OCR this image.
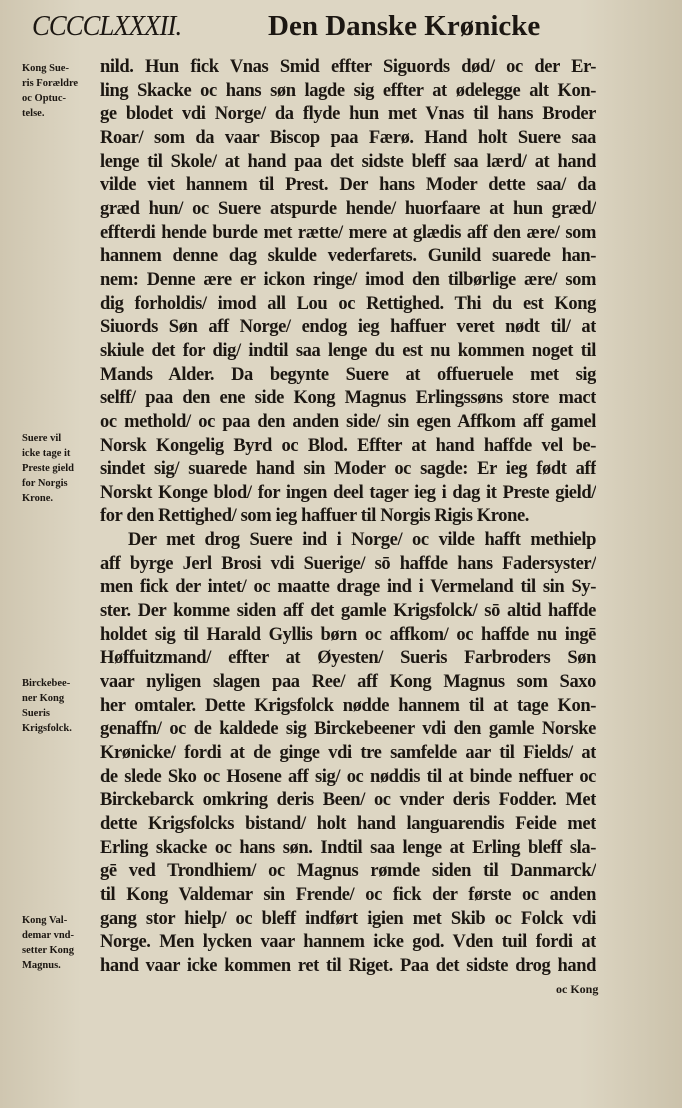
CCCCLXXXII.	Den Danske Krønicke
nild. Hun fick Vnas Smid effter Siguords død/ oc der Er-
ling Skacke oc hans søn lagde sig effter at ødelegge alt Kon-
ge blodet vdi Norge/ da flyde hun met Vnas til hans Broder
Roar/ som da vaar Biscop paa Færø. Hand holt Suere saa
lenge til Skole/ at hand paa det sidste bleff saa lærd/ at hand
vilde viet hannem til Prest. Der hans Moder dette saa/ da
græd hun/ oc Suere atspurde hende/ huorfaare at hun græd/
effterdi hende burde met rætte/ mere at glædis aff den ære/ som
hannem denne dag skulde vederfarets. Gunild suarede han-
nem: Denne ære er ickon ringe/ imod den tilbørlige ære/ som
dig forholdis/ imod all Lou oc Rettighed. Thi du est Kong
Siuords Søn aff Norge/ endog ieg haffuer veret nødt til/ at
skiule det for dig/ indtil saa lenge du est nu kommen noget til
Mands Alder. Da begynte Suere at offueruele met sig
selff/ paa den ene side Kong Magnus Erlingssøns store mact
oc methold/ oc paa den anden side/ sin egen Affkom aff gamel
Norsk Kongelig Byrd oc Blod. Effter at hand haffde vel be-
sindet sig/ suarede hand sin Moder oc sagde: Er ieg født aff
Norskt Konge blod/ for ingen deel tager ieg i dag it Preste gield/
for den Rettighed/ som ieg haffuer til Norgis Rigis Krone.
Der met drog Suere ind i Norge/ oc vilde hafft methielp
aff byrge Jerl Brosi vdi Suerige/ sō haffde hans Fadersyster/
men fick der intet/ oc maatte drage ind i Vermeland til sin Sy-
ster. Der komme siden aff det gamle Krigsfolck/ sō altid haffde
holdet sig til Harald Gyllis børn oc affkom/ oc haffde nu ingē
Høffuitzmand/ effter at Øyesten/ Sueris Farbroders Søn
vaar nyligen slagen paa Ree/ aff Kong Magnus som Saxo
her omtaler. Dette Krigsfolck nødde hannem til at tage Kon-
genaffn/ oc de kaldede sig Birckebeener vdi den gamle Norske
Krønicke/ fordi at de ginge vdi tre samfelde aar til Fields/ at
de slede Sko oc Hosene aff sig/ oc nøddis til at binde neffuer oc
Birckebarck omkring deris Been/ oc vnder deris Fodder. Met
dette Krigsfolcks bistand/ holt hand languarendis Feide met
Erling skacke oc hans søn. Indtil saa lenge at Erling bleff sla-
gē ved Trondhiem/ oc Magnus rømde siden til Danmarck/
til Kong Valdemar sin Frende/ oc fick der første oc anden
gang stor hielp/ oc bleff indført igien met Skib oc Folck vdi
Norge. Men lycken vaar hannem icke god. Vden tuil fordi at
hand vaar icke kommen ret til Riget. Paa det sidste drog hand
Kong Sue-
ris Forældre
oc Optuc-
telse.
Suere vil
icke tage it
Preste gield
for Norgis
Krone.
Birckebee-
ner Kong
Sueris
Krigsfolck.
Kong Val-
demar vnd-
setter Kong
Magnus.
oc Kong
